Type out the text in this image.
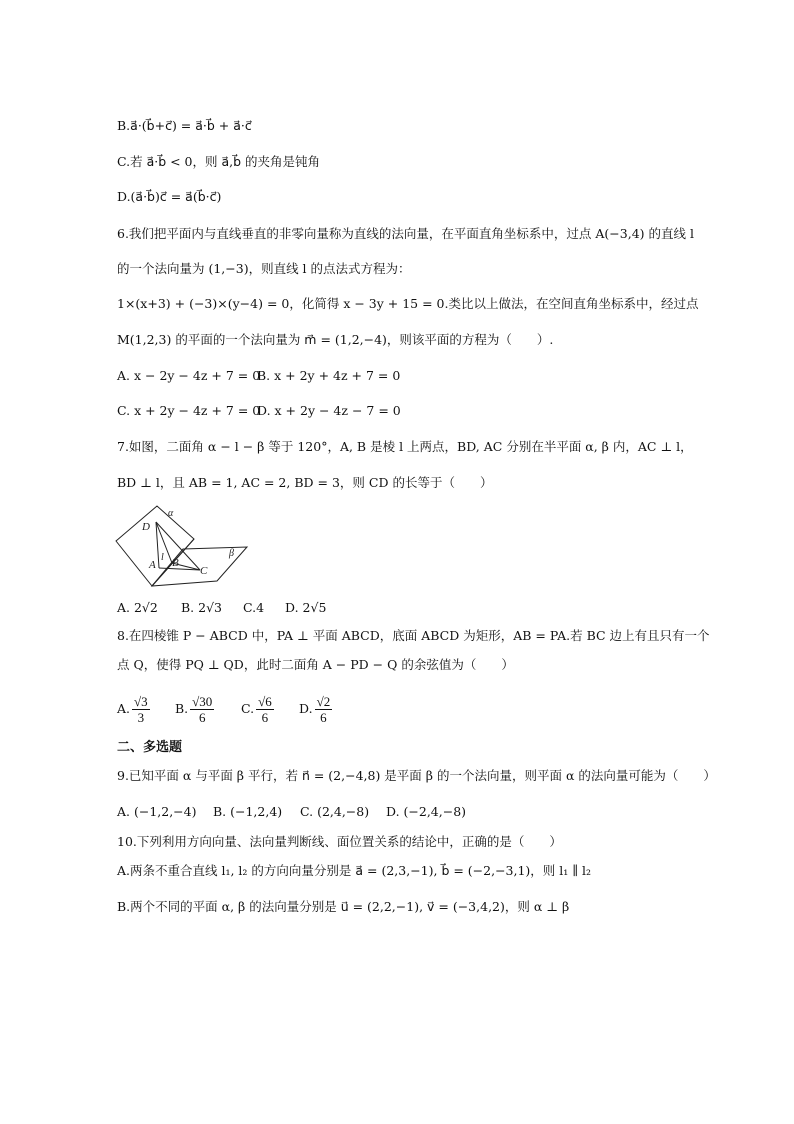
B.a⃗·(b⃗+c⃗) = a⃗·b⃗ + a⃗·c⃗
C.若 a⃗·b⃗ < 0，则 a⃗,b⃗ 的夹角是钝角
D.(a⃗·b⃗)c⃗ = a⃗(b⃗·c⃗)
6.我们把平面内与直线垂直的非零向量称为直线的法向量，在平面直角坐标系中，过点 A(−3,4) 的直线 l
的一个法向量为 (1,−3)，则直线 l 的点法式方程为：
1×(x+3) + (−3)×(y−4) = 0，化简得 x − 3y + 15 = 0.类比以上做法，在空间直角坐标系中，经过点
M(1,2,3) 的平面的一个法向量为 m⃗ = (1,2,−4)，则该平面的方程为（　　）.
A. x − 2y − 4z + 7 = 0B. x + 2y + 4z + 7 = 0
C. x + 2y − 4z + 7 = 0D. x + 2y − 4z − 7 = 0
7.如图，二面角 α − l − β 等于 120°，A, B 是棱 l 上两点，BD, AC 分别在半平面 α, β 内，AC ⊥ l，
BD ⊥ l，且 AB = 1, AC = 2, BD = 3，则 CD 的长等于（　　）
α
β
D
l
A B
C
A. 2√2 B. 2√3 C.4 D. 2√5
8.在四棱锥 P − ABCD 中，PA ⊥ 平面 ABCD，底面 ABCD 为矩形，AB = PA.若 BC 边上有且只有一个
点 Q，使得 PQ ⊥ QD，此时二面角 A − PD − Q 的余弦值为（　　）
A. $\frac{√3}{3} B$. $\frac{√30}{6} C$. $\frac{√6}{6} D$. $\frac{√2}{6}$
二、多选题
9.已知平面 α 与平面 β 平行，若 n⃗ = (2,−4,8) 是平面 β 的一个法向量，则平面 α 的法向量可能为（　　）
A. (−1,2,−4) B. (−1,2,4) C. (2,4,−8) D. (−2,4,−8)
10.下列利用方向向量、法向量判断线、面位置关系的结论中，正确的是（　　）
A.两条不重合直线 l₁, l₂ 的方向向量分别是 a⃗ = (2,3,−1), b⃗ = (−2,−3,1)，则 l₁ ∥ l₂
B.两个不同的平面 α, β 的法向量分别是 u⃗ = (2,2,−1), v⃗ = (−3,4,2)，则 α ⊥ β
